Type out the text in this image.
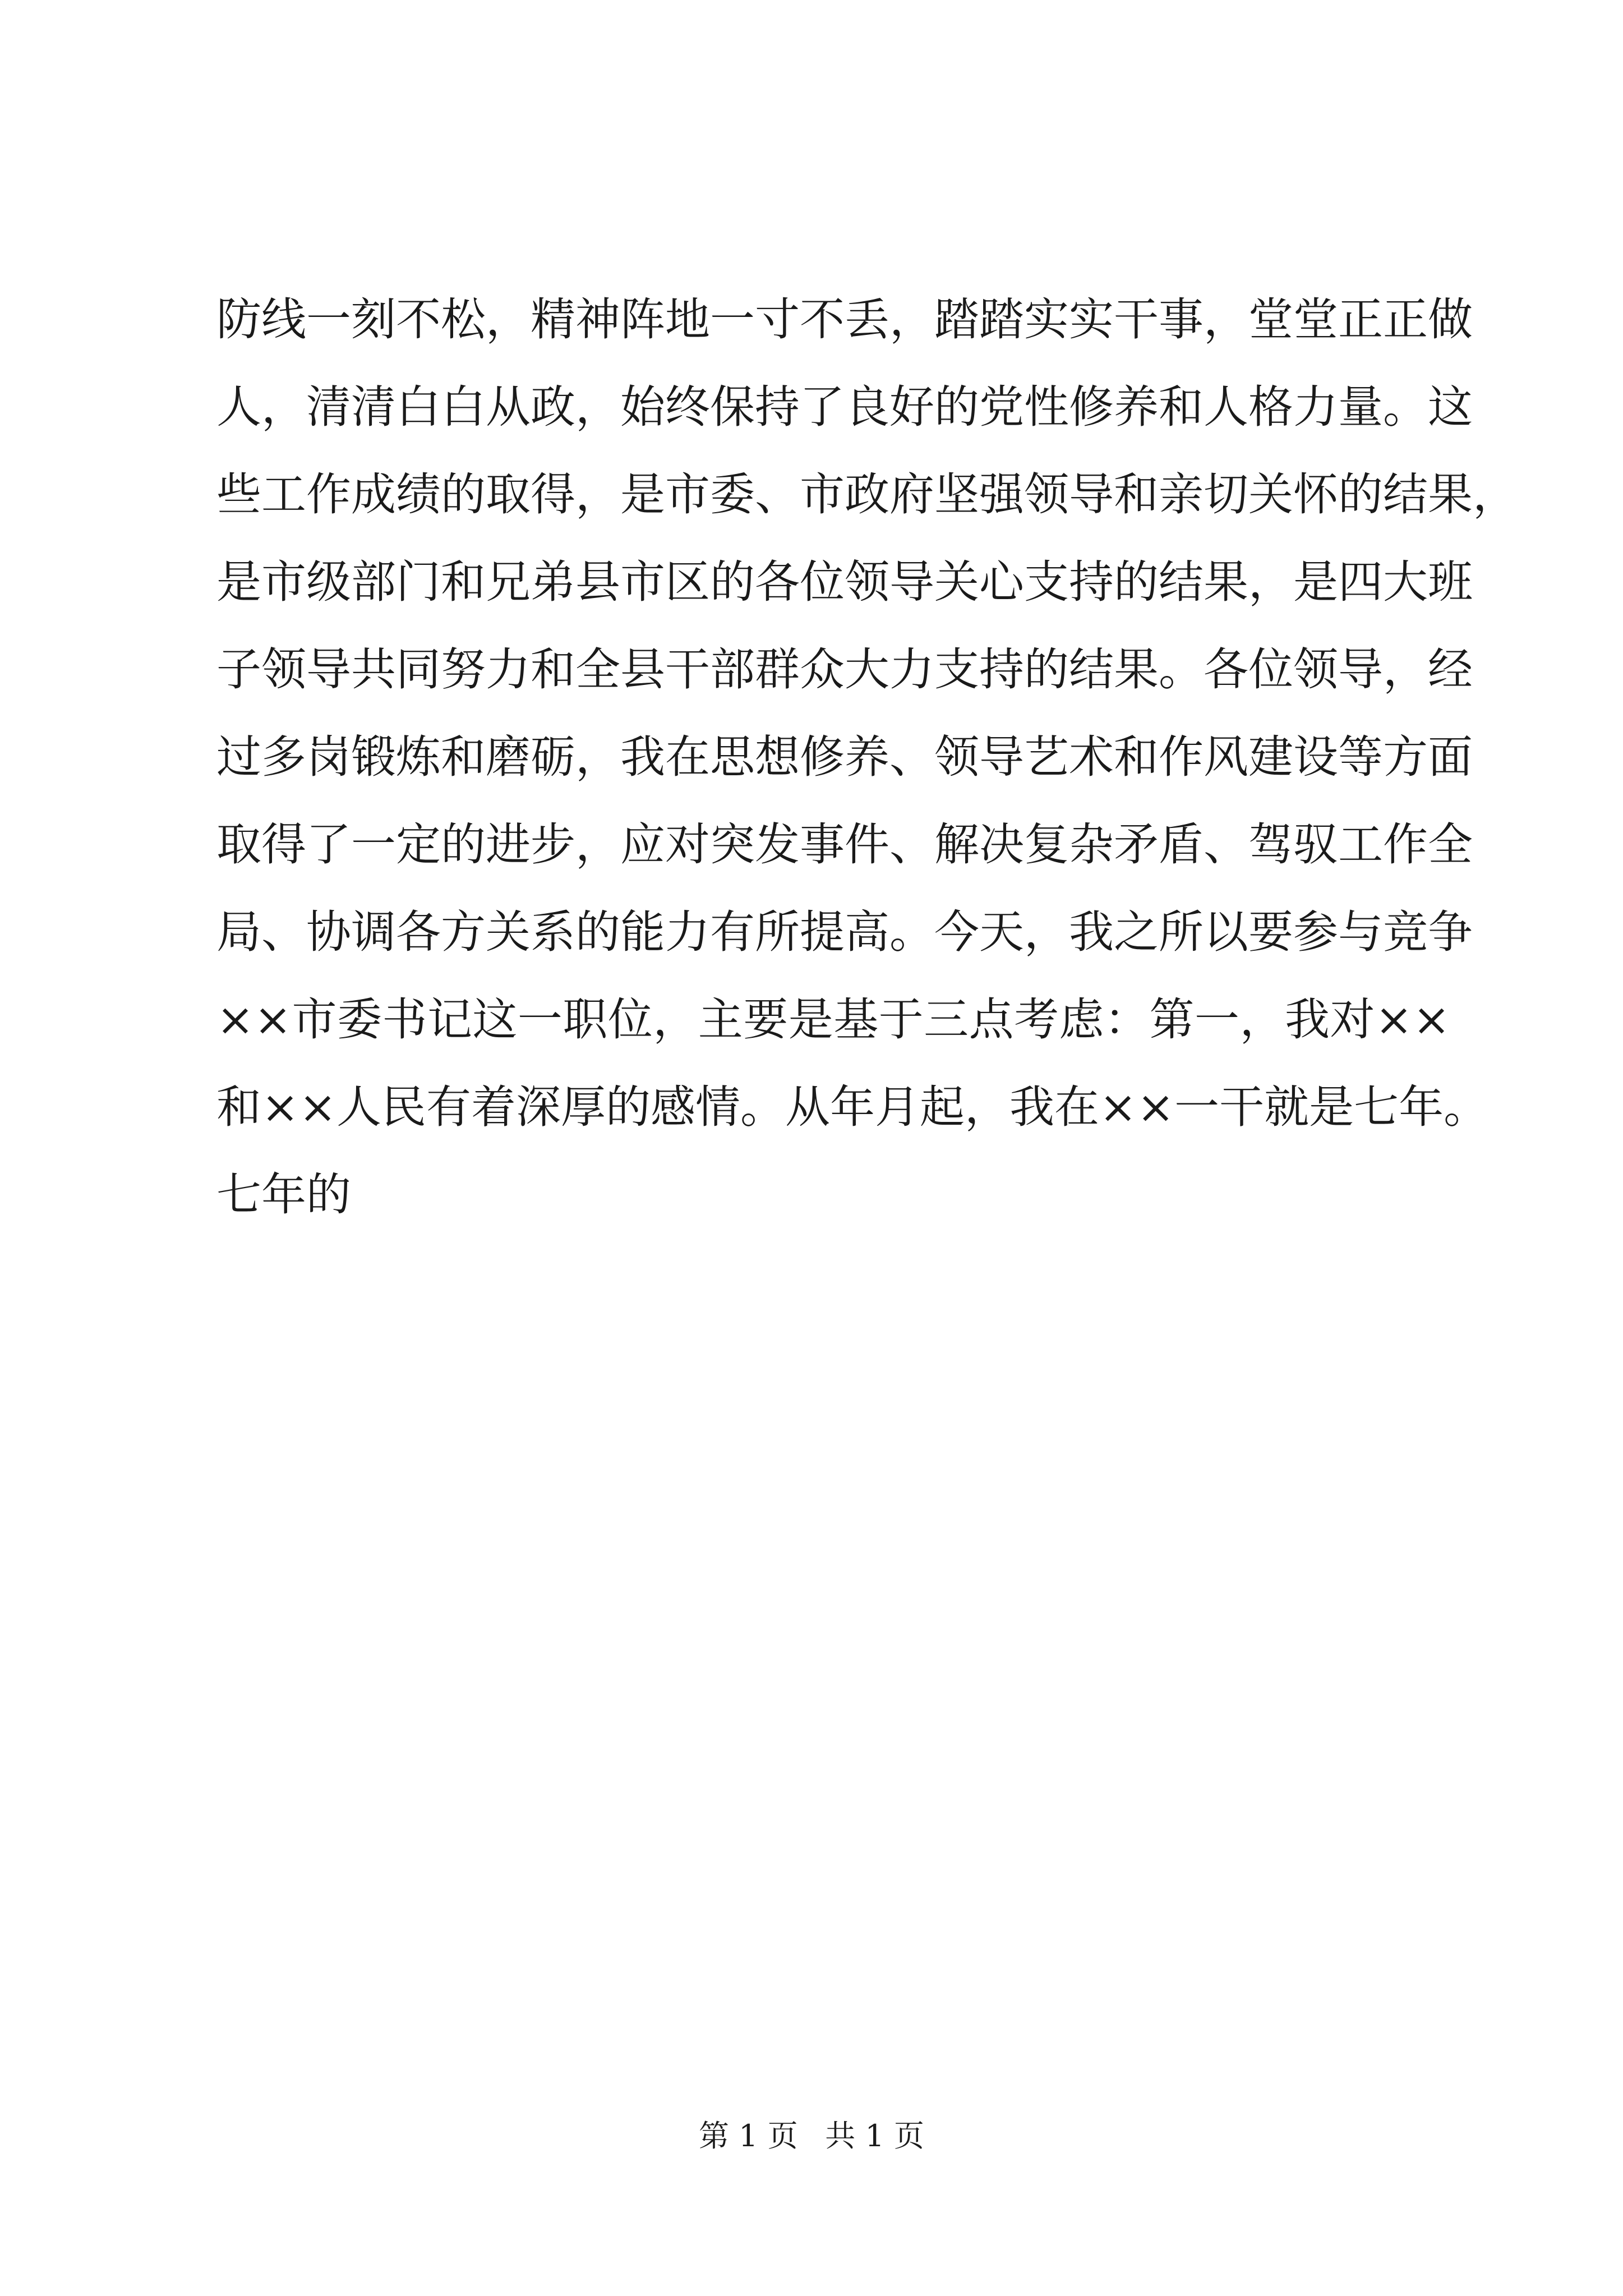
防线一刻不松，精神阵地一寸不丢，踏踏实实干事，堂堂正正做
人，清清白白从政，始终保持了良好的党性修养和人格力量。这
些工作成绩的取得，是市委、市政府坚强领导和亲切关怀的结果，
是市级部门和兄弟县市区的各位领导关心支持的结果，是四大班
子领导共同努力和全县干部群众大力支持的结果。各位领导，经
过多岗锻炼和磨砺，我在思想修养、领导艺术和作风建设等方面
取得了一定的进步，应对突发事件、解决复杂矛盾、驾驭工作全
局、协调各方关系的能力有所提高。今天，我之所以要参与竞争
××市委书记这一职位，主要是基于三点考虑：第一，我对××
和××人民有着深厚的感情。从年月起，我在××一干就是七年。
七年的
第 1 页 共 1 页
